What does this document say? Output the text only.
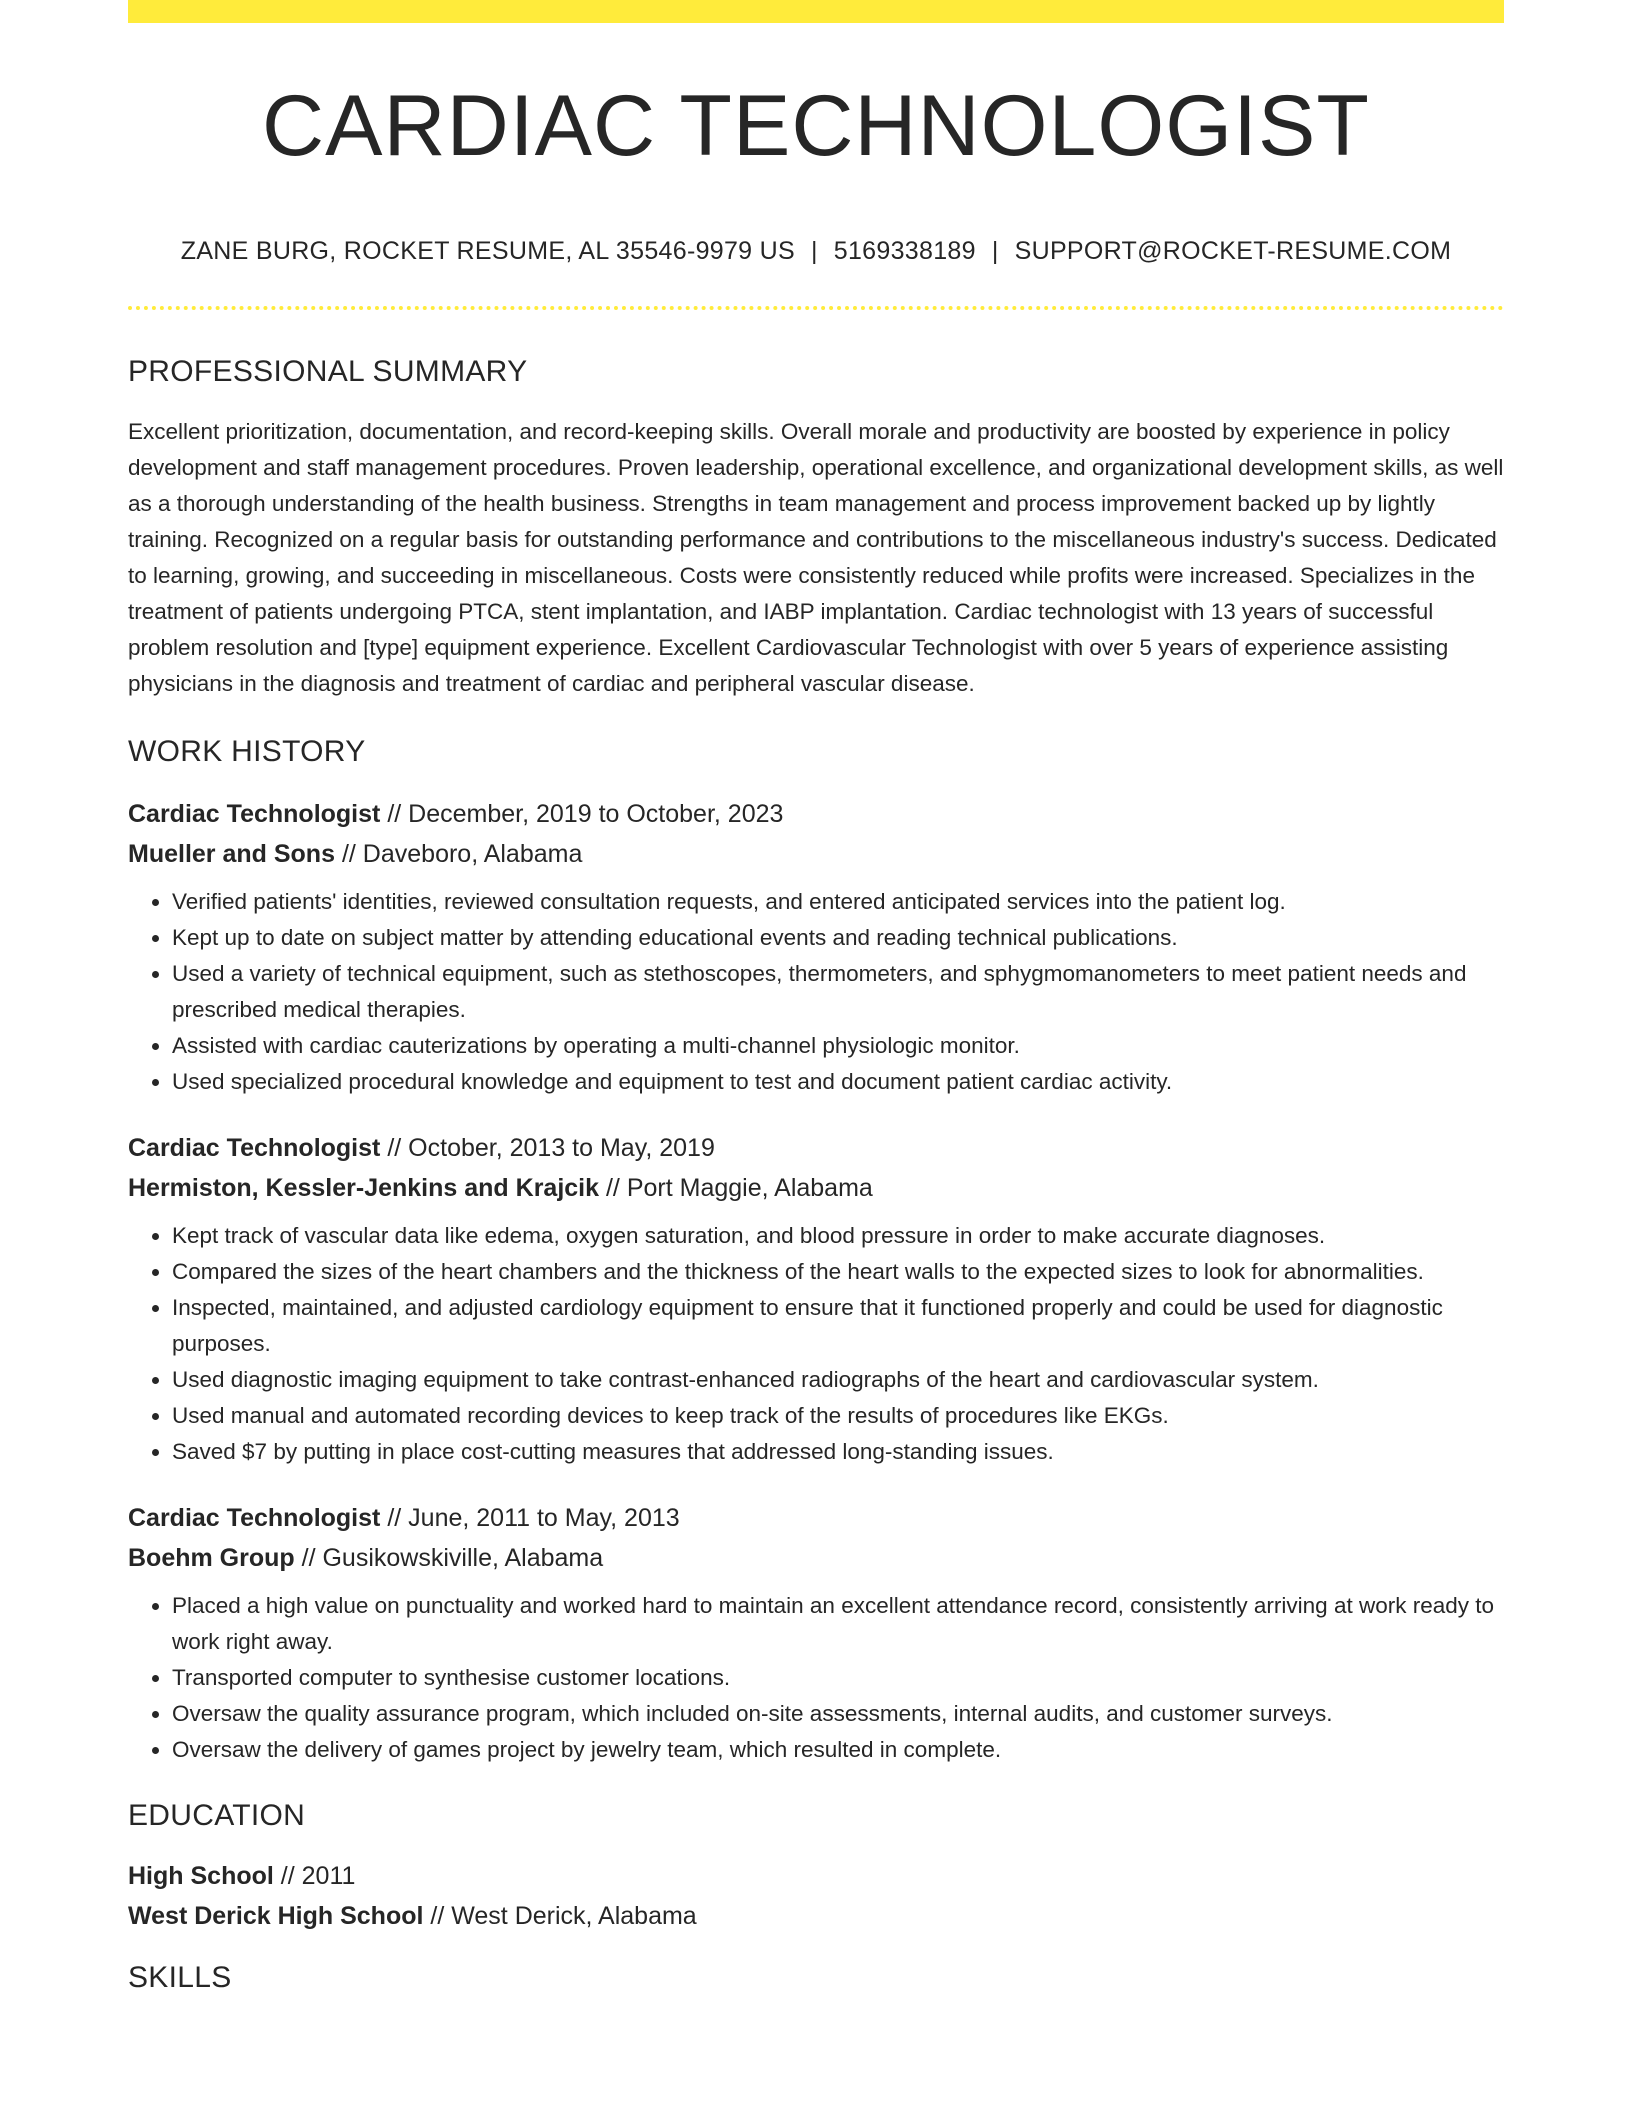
CARDIAC TECHNOLOGIST
ZANE BURG, ROCKET RESUME, AL 35546-9979 US | 5169338189 | SUPPORT@ROCKET-RESUME.COM
PROFESSIONAL SUMMARY
Excellent prioritization, documentation, and record-keeping skills. Overall morale and productivity are boosted by experience in policy development and staff management procedures. Proven leadership, operational excellence, and organizational development skills, as well as a thorough understanding of the health business. Strengths in team management and process improvement backed up by lightly training. Recognized on a regular basis for outstanding performance and contributions to the miscellaneous industry's success. Dedicated to learning, growing, and succeeding in miscellaneous. Costs were consistently reduced while profits were increased. Specializes in the treatment of patients undergoing PTCA, stent implantation, and IABP implantation. Cardiac technologist with 13 years of successful problem resolution and [type] equipment experience. Excellent Cardiovascular Technologist with over 5 years of experience assisting physicians in the diagnosis and treatment of cardiac and peripheral vascular disease.
WORK HISTORY
Cardiac Technologist // December, 2019 to October, 2023
Mueller and Sons // Daveboro, Alabama
• Verified patients' identities, reviewed consultation requests, and entered anticipated services into the patient log.
• Kept up to date on subject matter by attending educational events and reading technical publications.
• Used a variety of technical equipment, such as stethoscopes, thermometers, and sphygmomanometers to meet patient needs and prescribed medical therapies.
• Assisted with cardiac cauterizations by operating a multi-channel physiologic monitor.
• Used specialized procedural knowledge and equipment to test and document patient cardiac activity.
Cardiac Technologist // October, 2013 to May, 2019
Hermiston, Kessler-Jenkins and Krajcik // Port Maggie, Alabama
• Kept track of vascular data like edema, oxygen saturation, and blood pressure in order to make accurate diagnoses.
• Compared the sizes of the heart chambers and the thickness of the heart walls to the expected sizes to look for abnormalities.
• Inspected, maintained, and adjusted cardiology equipment to ensure that it functioned properly and could be used for diagnostic purposes.
• Used diagnostic imaging equipment to take contrast-enhanced radiographs of the heart and cardiovascular system.
• Used manual and automated recording devices to keep track of the results of procedures like EKGs.
• Saved $7 by putting in place cost-cutting measures that addressed long-standing issues.
Cardiac Technologist // June, 2011 to May, 2013
Boehm Group // Gusikowskiville, Alabama
• Placed a high value on punctuality and worked hard to maintain an excellent attendance record, consistently arriving at work ready to work right away.
• Transported computer to synthesise customer locations.
• Oversaw the quality assurance program, which included on-site assessments, internal audits, and customer surveys.
• Oversaw the delivery of games project by jewelry team, which resulted in complete.
EDUCATION
High School // 2011
West Derick High School // West Derick, Alabama
SKILLS
